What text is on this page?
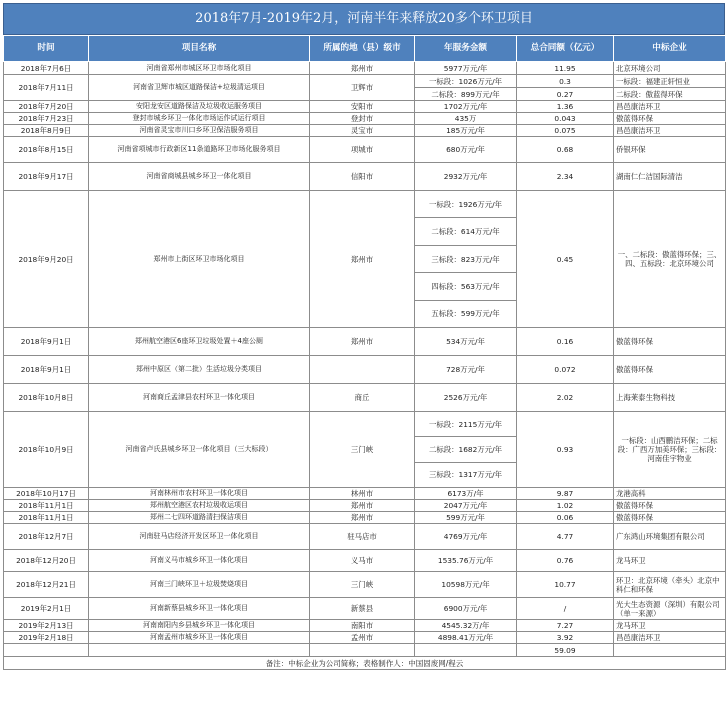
2018年7月-2019年2月，河南半年来释放20多个环卫项目
时间	项目名称	所属的地（县）级市	年服务金额	总合同额（亿元）	中标企业
2018年7月6日	河南省郑州市城区环卫市场化项目	郑州市	5977万元/年	11.95	北京环境公司
2018年7月11日	河南省卫辉市城区道路保洁+垃圾清运项目	卫辉市	一标段：1026万元/年	0.3	一标段：福建正轩恒业
			二标段：899万元/年	0.27	二标段：傲蓝得环保
2018年7月20日	安阳龙安区道路保洁及垃圾收运服务项目	安阳市	1702万元/年	1.36	昌邑康洁环卫
2018年7月23日	登封市城乡环卫一体化市场运作试运行项目	登封市	435万	0.043	傲蓝得环保
2018年8月9日	河南省灵宝市川口乡环卫保洁服务项目	灵宝市	185万元/年	0.075	昌邑康洁环卫
2018年8月15日	河南省项城市行政新区11条道路环卫市场化服务项目	项城市	680万元/年	0.68	侨银环保
2018年9月17日	河南省商城县城乡环卫一体化项目	信阳市	2932万元/年	2.34	湖南仁仁洁国际清洁
2018年9月20日	郑州市上街区环卫市场化项目	郑州市	一标段：1926万元/年
二标段：614万元/年
三标段：823万元/年
四标段：563万元/年
五标段：599万元/年	0.45	一、二标段：傲蓝得环保；三、四、五标段：北京环境公司
2018年9月1日	郑州航空港区6座环卫垃圾处置＋4座公厕	郑州市	534万元/年	0.16	傲蓝得环保
2018年9月1日	郑州中原区（第二批）生活垃圾分类项目		728万元/年	0.072	傲蓝得环保
2018年10月8日	河南商丘孟津县农村环卫一体化项目	商丘	2526万元/年	2.02	上海莱泰生物科技
2018年10月9日	河南省卢氏县城乡环卫一体化项目（三大标段）	三门峡	一标段：2115万元/年
二标段：1682万元/年
三标段：1317万元/年	0.93	一标段：山西鹏洁环保；二标段：广西万加美环保；三标段：河南佳宇物业
2018年10月17日	河南林州市农村环卫一体化项目	林州市	6173万/年	9.87	龙港高科
2018年11月1日	郑州航空港区农村垃圾收运项目	郑州市	2047万元/年	1.02	傲蓝得环保
2018年11月1日	郑州二七四环道路清扫保洁项目	郑州市	599万元/年	0.06	傲蓝得环保
2018年12月7日	河南驻马店经济开发区环卫一体化项目	驻马店市	4769万元/年	4.77	广东鸿山环境集团有限公司
2018年12月20日	河南义马市城乡环卫一体化项目	义马市	1535.76万元/年	0.76	龙马环卫
2018年12月21日	河南三门峡环卫＋垃圾焚烧项目	三门峡	10598万元/年	10.77	环卫：北京环境（牵头）北京中科仁和环保
2019年2月1日	河南新蔡县城乡环卫一体化项目	新蔡县	6900万元/年	/	光大生态资源（深圳）有限公司（单一来源）
2019年2月13日	河南南阳内乡县城乡环卫一体化项目	南阳市	4545.32万/年	7.27	龙马环卫
2019年2月18日	河南孟州市城乡环卫一体化项目	孟州市	4898.41万元/年	3.92	昌邑康洁环卫
				59.09	
备注：中标企业为公司简称；表格制作人：中国固废网/程云					
